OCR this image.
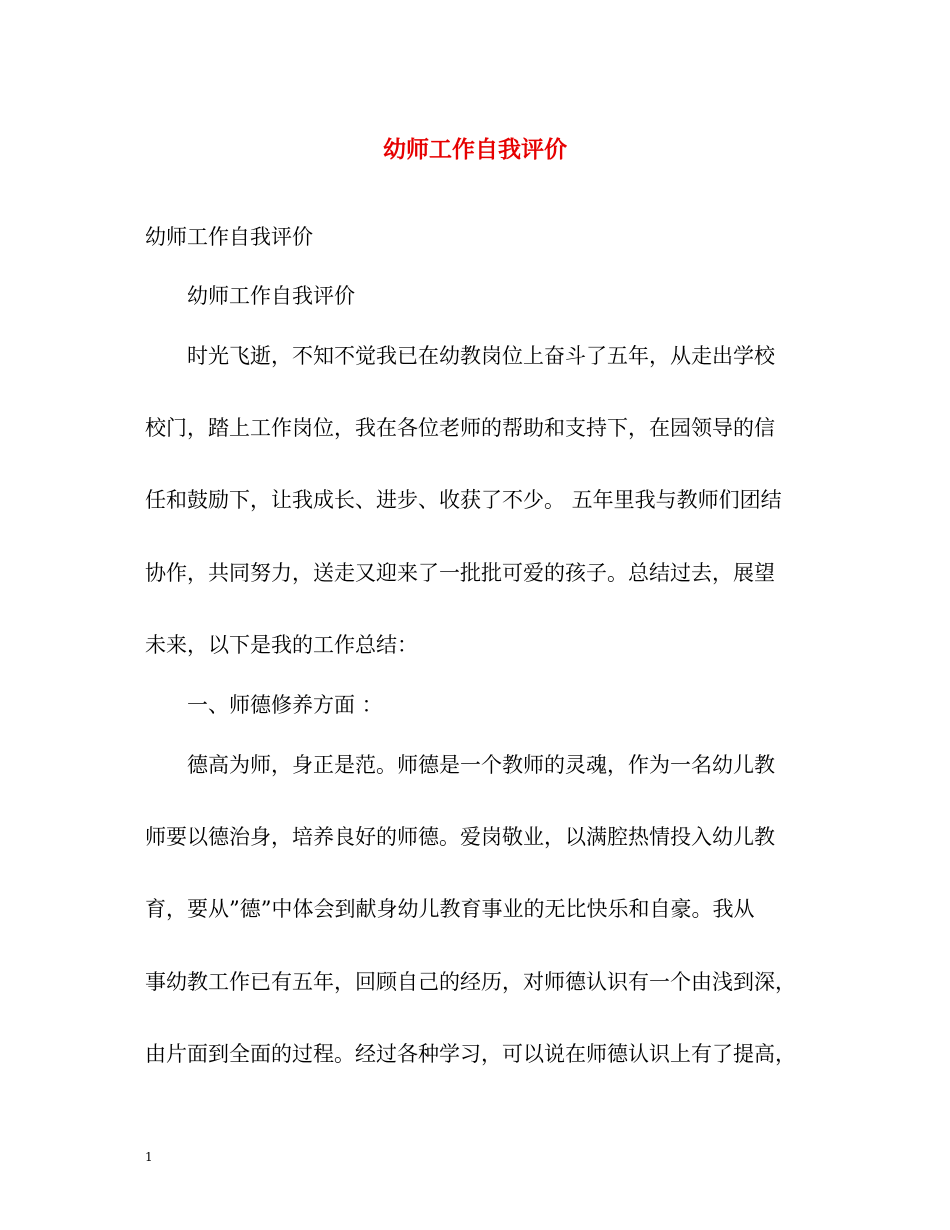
幼师工作自我评价

幼师工作自我评价

幼师工作自我评价

时光飞逝，不知不觉我已在幼教岗位上奋斗了五年，从走出学校

校门，踏上工作岗位，我在各位老师的帮助和支持下，在园领导的信

任和鼓励下，让我成长、进步、收获了不少。 五年里我与教师们团结

协作，共同努力，送走又迎来了一批批可爱的孩子。总结过去，展望

未来，以下是我的工作总结：

一、师德修养方面 ：

德高为师，身正是范。师德是一个教师的灵魂，作为一名幼儿教

师要以德治身，培养良好的师德。爱岗敬业，以满腔热情投入幼儿教

育，要从”德”中体会到献身幼儿教育事业的无比快乐和自豪。我从

事幼教工作已有五年，回顾自己的经历，对师德认识有一个由浅到深，

由片面到全面的过程。经过各种学习，可以说在师德认识上有了提高，

1
